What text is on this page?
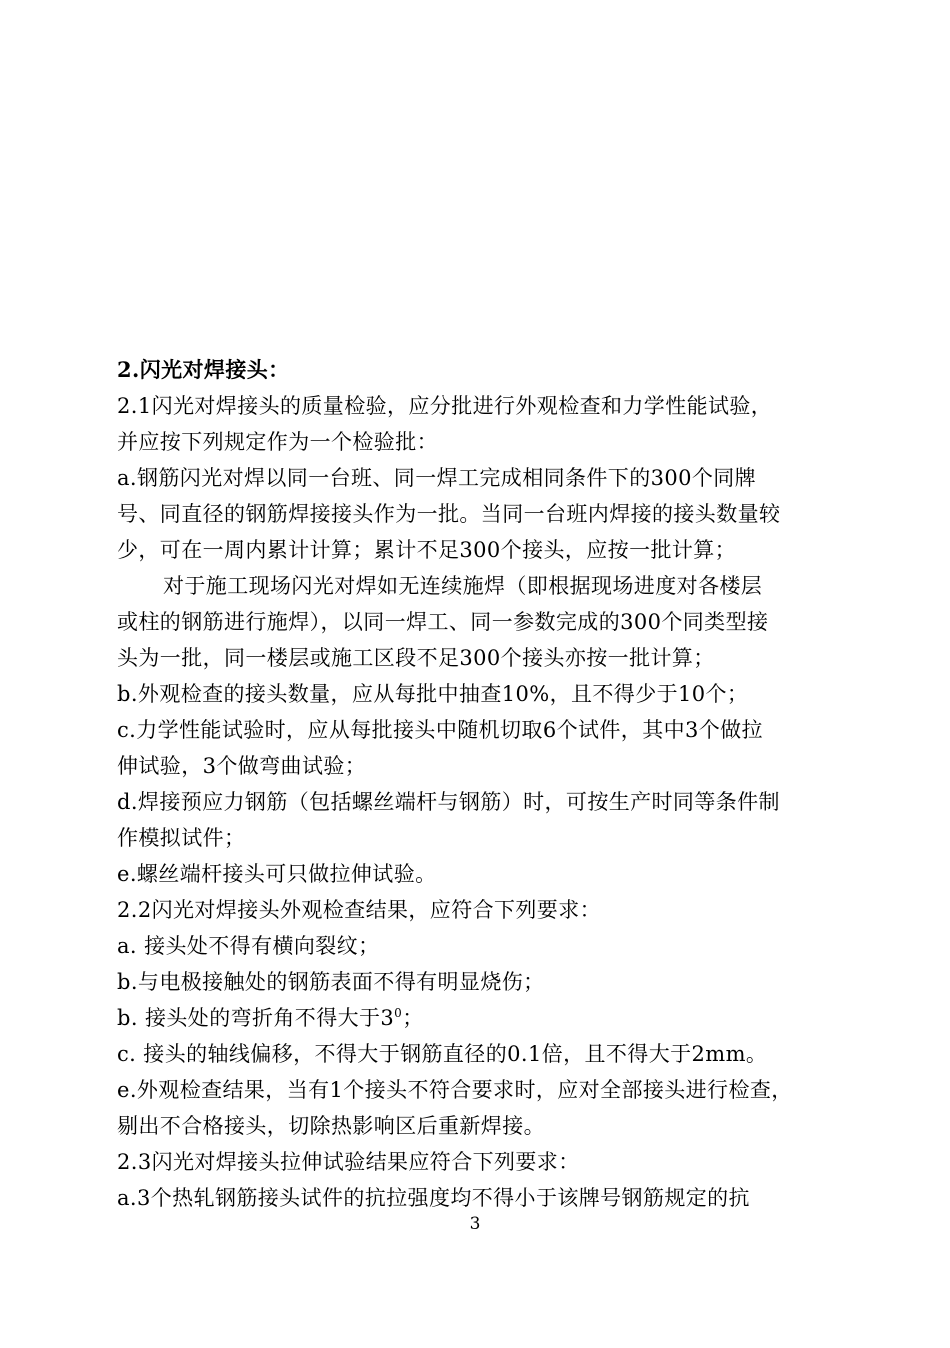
2.闪光对焊接头：
2.1闪光对焊接头的质量检验，应分批进行外观检查和力学性能试验，
并应按下列规定作为一个检验批：
a.钢筋闪光对焊以同一台班、同一焊工完成相同条件下的300个同牌
号、同直径的钢筋焊接接头作为一批。当同一台班内焊接的接头数量较
少，可在一周内累计计算；累计不足300个接头，应按一批计算；
对于施工现场闪光对焊如无连续施焊（即根据现场进度对各楼层
或柱的钢筋进行施焊），以同一焊工、同一参数完成的300个同类型接
头为一批，同一楼层或施工区段不足300个接头亦按一批计算；
b.外观检查的接头数量，应从每批中抽查10%，且不得少于10个；
c.力学性能试验时，应从每批接头中随机切取6个试件，其中3个做拉
伸试验，3个做弯曲试验；
d.焊接预应力钢筋（包括螺丝端杆与钢筋）时，可按生产时同等条件制
作模拟试件；
e.螺丝端杆接头可只做拉伸试验。
2.2闪光对焊接头外观检查结果，应符合下列要求：
a. 接头处不得有横向裂纹；
b.与电极接触处的钢筋表面不得有明显烧伤；
b. 接头处的弯折角不得大于$3^0$；
c. 接头的轴线偏移，不得大于钢筋直径的0.1倍，且不得大于2mm。
e.外观检查结果，当有1个接头不符合要求时，应对全部接头进行检查，
剔出不合格接头，切除热影响区后重新焊接。
2.3闪光对焊接头拉伸试验结果应符合下列要求：
a.3个热轧钢筋接头试件的抗拉强度均不得小于该牌号钢筋规定的抗
3
